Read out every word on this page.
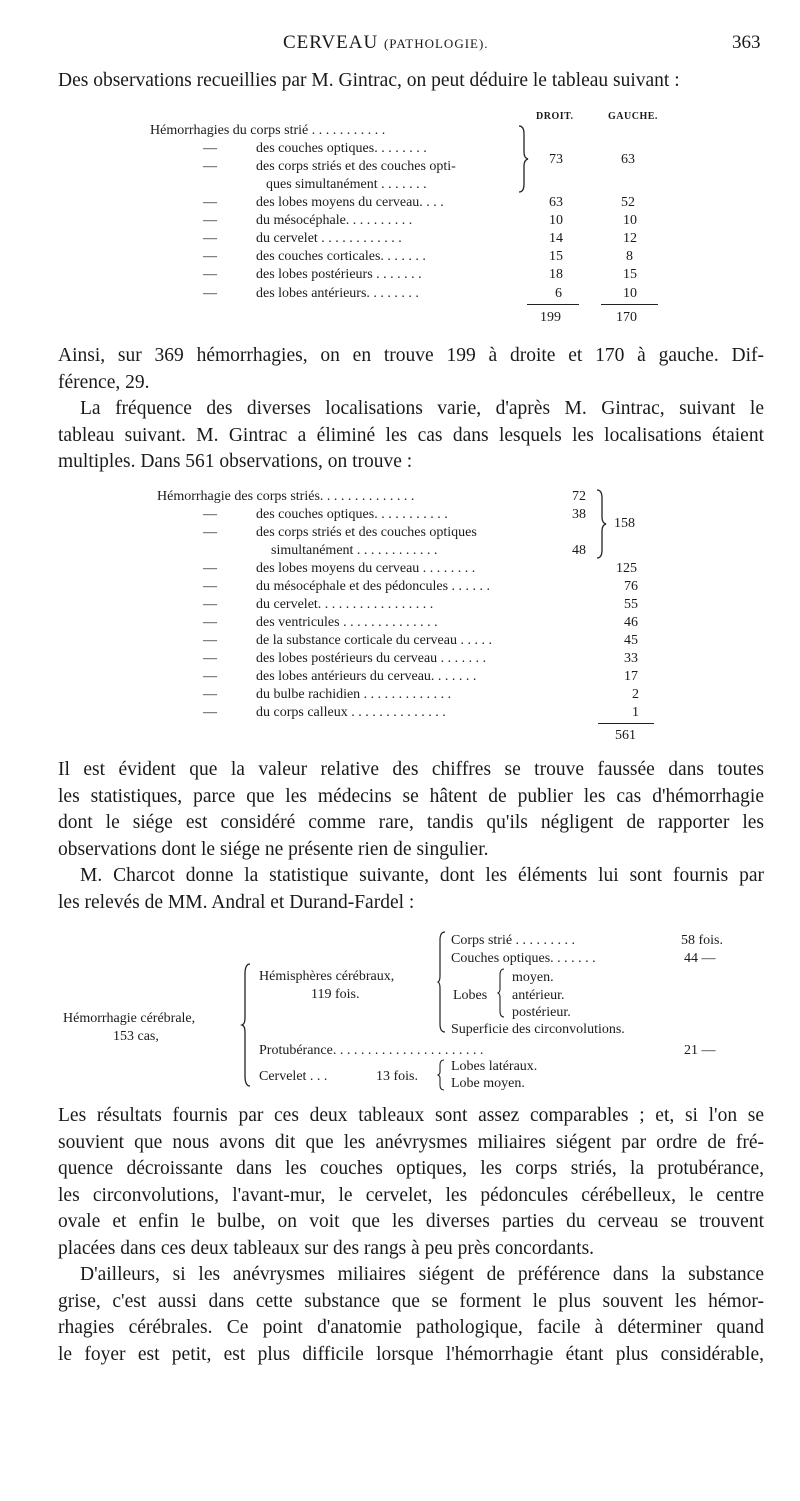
CERVEAU (PATHOLOGIE).	363
Des observations recueillies par M. Gintrac, on peut déduire le tableau suivant :
DROIT.	GAUCHE.
Hémorrhagies du corps strié . . . . . . . . . . .
—	des couches optiques. . . . . . . .
—	des corps striés et des couches opti-
ques simultanément . . . . . . .
73	63
—	des lobes moyens du cerveau. . . .	63	52
—	du mésocéphale. . . . . . . . . .	10	10
—	du cervelet . . . . . . . . . . . .	14	12
—	des couches corticales. . . . . . .	15	8
—	des lobes postérieurs . . . . . . .	18	15
—	des lobes antérieurs. . . . . . . .	6	10
199	170
Ainsi, sur 369 hémorrhagies, on en trouve 199 à droite et 170 à gauche. Dif-
férence, 29.
La fréquence des diverses localisations varie, d'après M. Gintrac, suivant le
tableau suivant. M. Gintrac a éliminé les cas dans lesquels les localisations étaient
multiples. Dans 561 observations, on trouve :
Hémorrhagie des corps striés. . . . . . . . . . . . . .	72
—	des couches optiques. . . . . . . . . . .	38
—	des corps striés et des couches optiques
simultanément . . . . . . . . . . . .	48
158
—	des lobes moyens du cerveau . . . . . . . .	125
—	du mésocéphale et des pédoncules . . . . . .	76
—	du cervelet. . . . . . . . . . . . . . . . .	55
—	des ventricules . . . . . . . . . . . . . .	46
—	de la substance corticale du cerveau . . . . .	45
—	des lobes postérieurs du cerveau . . . . . . .	33
—	des lobes antérieurs du cerveau. . . . . . .	17
—	du bulbe rachidien . . . . . . . . . . . . .	2
—	du corps calleux . . . . . . . . . . . . . .	1
561
Il est évident que la valeur relative des chiffres se trouve faussée dans toutes
les statistiques, parce que les médecins se hâtent de publier les cas d'hémorrhagie
dont le siége est considéré comme rare, tandis qu'ils négligent de rapporter les
observations dont le siége ne présente rien de singulier.
M. Charcot donne la statistique suivante, dont les éléments lui sont fournis par
les relevés de MM. Andral et Durand-Fardel :
Hémorrhagie cérébrale,
153 cas,
Hémisphères cérébraux,
119 fois.
Corps strié . . . . . . . . .	58 fois.
Couches optiques. . . . . . .	44 —
Lobes
moyen.
antérieur.
postérieur.
Superficie des circonvolutions.
Protubérance. . . . . . . . . . . . . . . . . . . . . .	21 —
Cervelet . . .	13 fois.
Lobes latéraux.
Lobe moyen.
Les résultats fournis par ces deux tableaux sont assez comparables ; et, si l'on se
souvient que nous avons dit que les anévrysmes miliaires siégent par ordre de fré-
quence décroissante dans les couches optiques, les corps striés, la protubérance,
les circonvolutions, l'avant-mur, le cervelet, les pédoncules cérébelleux, le centre
ovale et enfin le bulbe, on voit que les diverses parties du cerveau se trouvent
placées dans ces deux tableaux sur des rangs à peu près concordants.
D'ailleurs, si les anévrysmes miliaires siégent de préférence dans la substance
grise, c'est aussi dans cette substance que se forment le plus souvent les hémor-
rhagies cérébrales. Ce point d'anatomie pathologique, facile à déterminer quand
le foyer est petit, est plus difficile lorsque l'hémorrhagie étant plus considérable,
